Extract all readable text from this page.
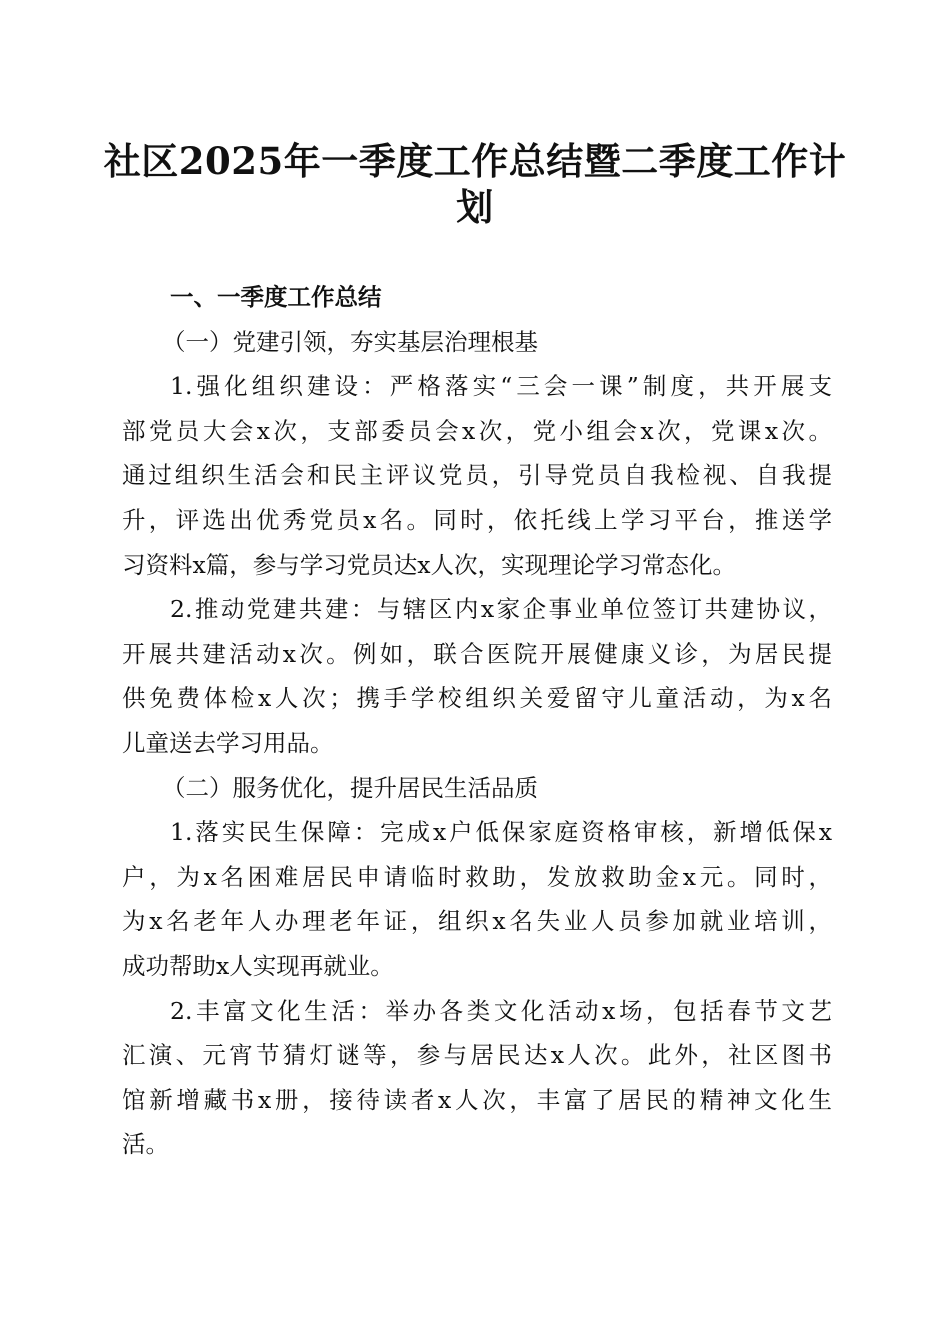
社区2025年一季度工作总结暨二季度工作计
划
一、一季度工作总结
（一）党建引领，夯实基层治理根基
1.强化组织建设：严格落实“三会一课”制度，共开展支
部党员大会x次，支部委员会x次，党小组会x次，党课x次。
通过组织生活会和民主评议党员，引导党员自我检视、自我提
升，评选出优秀党员x名。同时，依托线上学习平台，推送学
习资料x篇，参与学习党员达x人次，实现理论学习常态化。
2.推动党建共建：与辖区内x家企事业单位签订共建协议，
开展共建活动x次。例如，联合医院开展健康义诊，为居民提
供免费体检x人次；携手学校组织关爱留守儿童活动，为x名
儿童送去学习用品。
（二）服务优化，提升居民生活品质
1.落实民生保障：完成x户低保家庭资格审核，新增低保x
户，为x名困难居民申请临时救助，发放救助金x元。同时，
为x名老年人办理老年证，组织x名失业人员参加就业培训，
成功帮助x人实现再就业。
2.丰富文化生活：举办各类文化活动x场，包括春节文艺
汇演、元宵节猜灯谜等，参与居民达x人次。此外，社区图书
馆新增藏书x册，接待读者x人次，丰富了居民的精神文化生
活。
